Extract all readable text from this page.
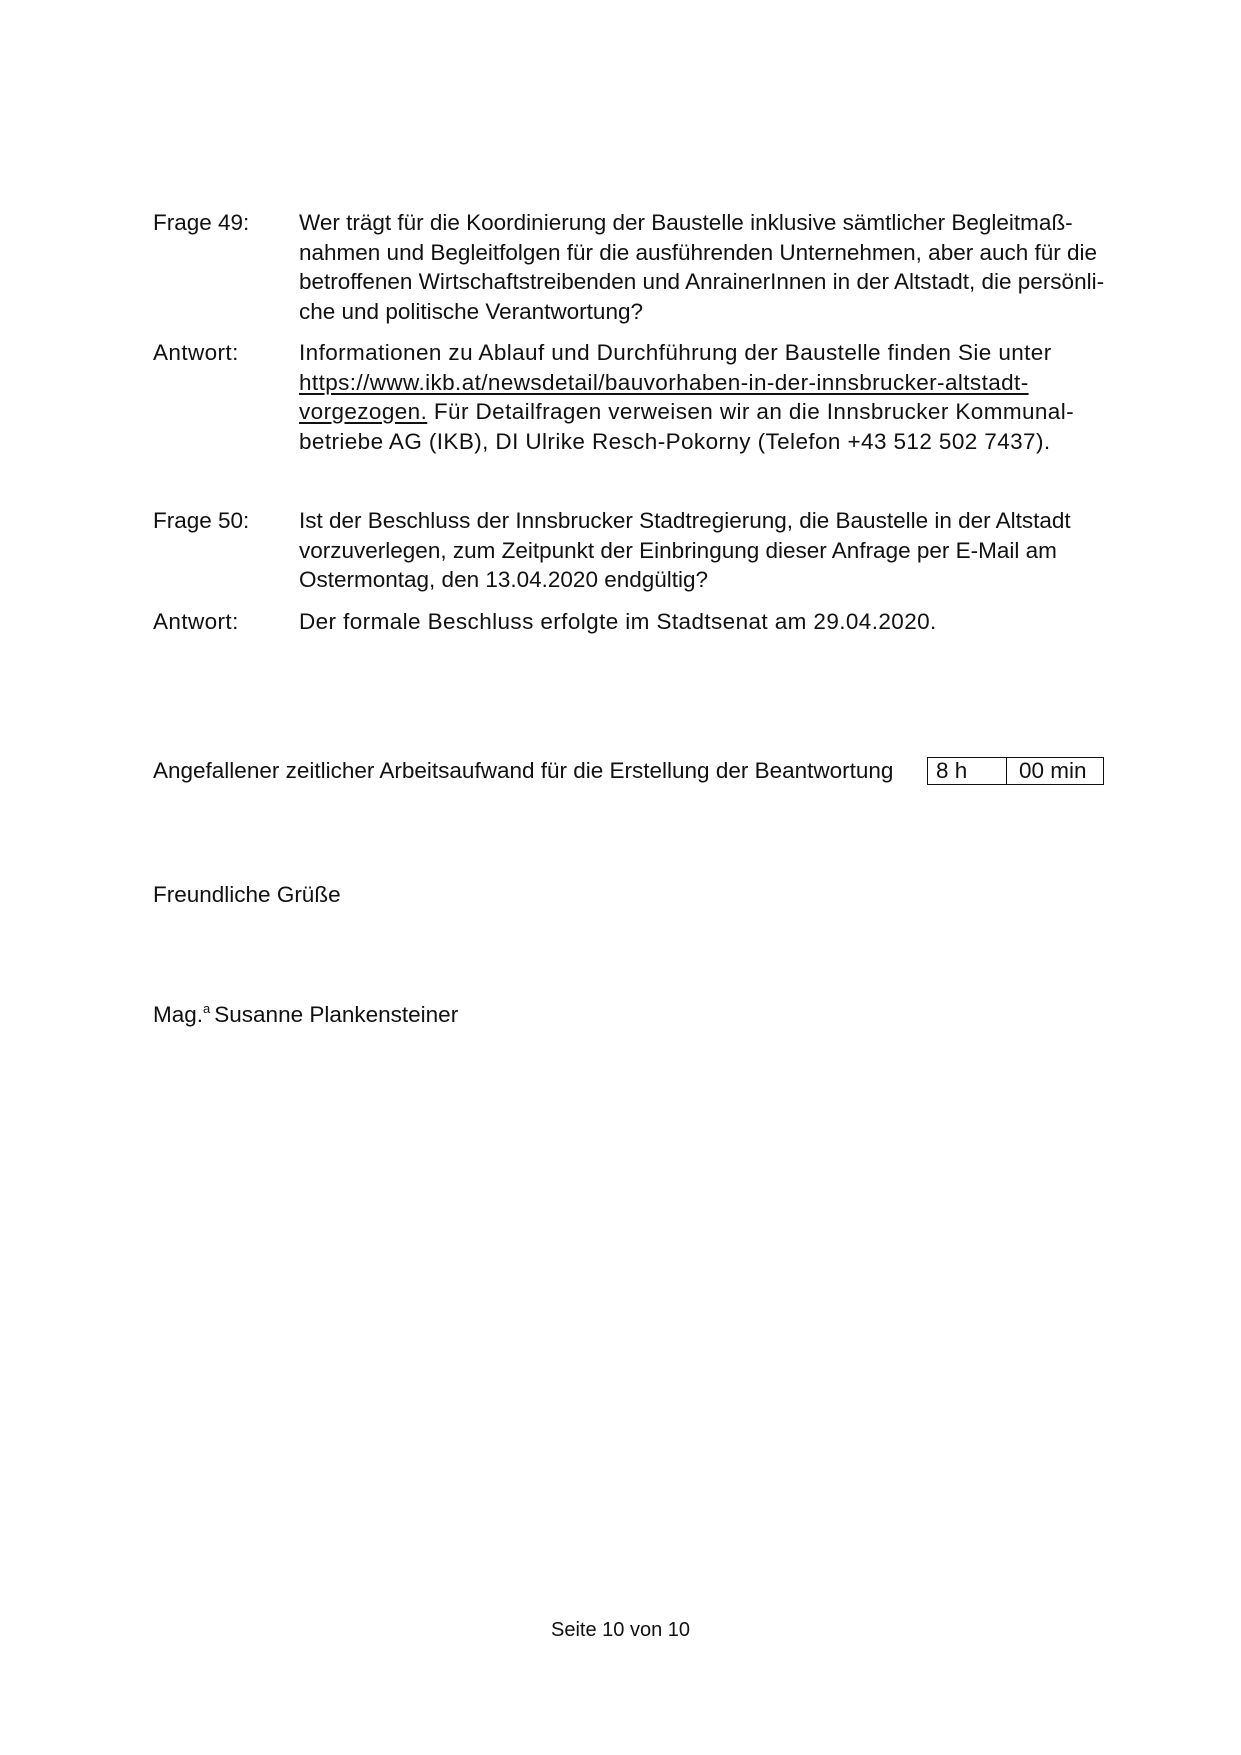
Frage 49:	Wer trägt für die Koordinierung der Baustelle inklusive sämtlicher Begleitmaß-
nahmen und Begleitfolgen für die ausführenden Unternehmen, aber auch für die
betroffenen Wirtschaftstreibenden und AnrainerInnen in der Altstadt, die persönli-
che und politische Verantwortung?
Antwort:	Informationen zu Ablauf und Durchführung der Baustelle finden Sie unter
https://www.ikb.at/newsdetail/bauvorhaben-in-der-innsbrucker-altstadt-
vorgezogen. Für Detailfragen verweisen wir an die Innsbrucker Kommunal-
betriebe AG (IKB), DI Ulrike Resch-Pokorny (Telefon +43 512 502 7437).
Frage 50:	Ist der Beschluss der Innsbrucker Stadtregierung, die Baustelle in der Altstadt
vorzuverlegen, zum Zeitpunkt der Einbringung dieser Anfrage per E-Mail am
Ostermontag, den 13.04.2020 endgültig?
Antwort:	Der formale Beschluss erfolgte im Stadtsenat am 29.04.2020.
Angefallener zeitlicher Arbeitsaufwand für die Erstellung der Beantwortung	8 h	00 min
Freundliche Grüße
Mag.$^a$ Susanne Plankensteiner
Seite 10 von 10
